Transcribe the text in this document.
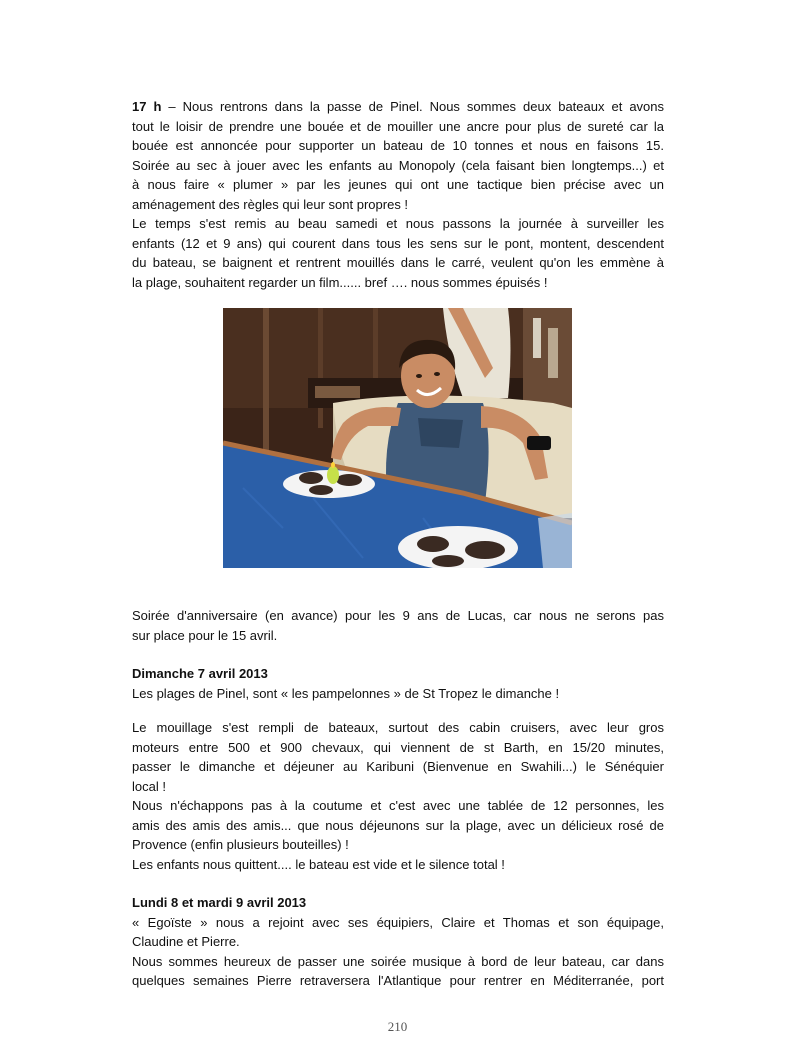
17 h – Nous rentrons dans la passe de Pinel. Nous sommes deux bateaux et avons
tout le loisir de prendre une bouée et de mouiller une ancre pour plus de sureté car la
bouée est annoncée pour supporter un bateau de 10 tonnes et nous en faisons 15.
Soirée au sec à jouer avec les enfants au Monopoly (cela faisant bien longtemps...) et
à nous faire « plumer » par les jeunes qui ont une tactique bien précise avec un
aménagement des règles qui leur sont propres !
Le temps s'est remis au beau samedi et nous passons la journée à surveiller les
enfants (12 et 9 ans) qui courent dans tous les sens sur le pont, montent, descendent
du bateau, se baignent et rentrent mouillés dans le carré, veulent qu'on les emmène à
la plage, souhaitent regarder un film...... bref …. nous sommes épuisés !

Soirée d'anniversaire (en avance) pour les 9 ans de Lucas, car nous ne serons pas
sur place pour le 15 avril.

Dimanche 7 avril 2013

Les plages de Pinel, sont « les pampelonnes » de St Tropez le dimanche !

Le mouillage s'est rempli de bateaux, surtout des cabin cruisers, avec leur gros
moteurs entre 500 et 900 chevaux, qui viennent de st Barth, en 15/20 minutes,
passer le dimanche et déjeuner au Karibuni (Bienvenue en Swahili...) le Sénéquier
local !
Nous n'échappons pas à la coutume et c'est avec une tablée de 12 personnes, les
amis des amis des amis... que nous déjeunons sur la plage, avec un délicieux rosé de
Provence (enfin plusieurs bouteilles) !
Les enfants nous quittent.... le bateau est vide et le silence total !

Lundi 8 et mardi 9 avril 2013

« Egoïste » nous a rejoint avec ses équipiers, Claire et Thomas et son équipage,
Claudine et Pierre.
Nous sommes heureux de passer une soirée musique à bord de leur bateau, car dans
quelques semaines Pierre retraversera l'Atlantique pour rentrer en Méditerranée, port

210
